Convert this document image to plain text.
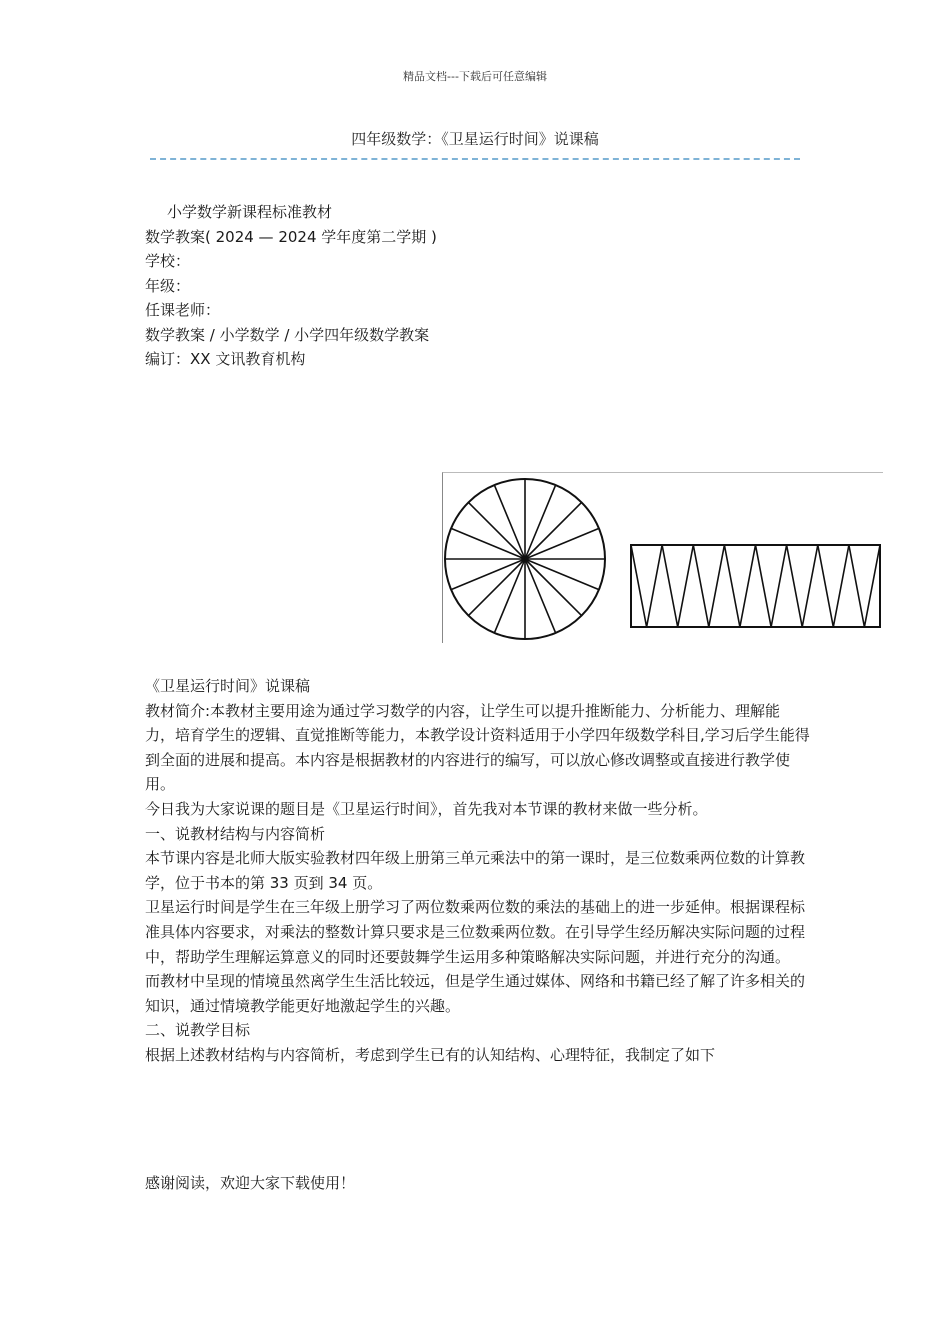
精品文档---下载后可任意编辑
四年级数学：《卫星运行时间》说课稿
小学数学新课程标准教材
数学教案( 2024 — 2024 学年度第二学期 )
学校：
年级：
任课老师：
数学教案 / 小学数学 / 小学四年级数学教案
编订：XX 文讯教育机构

《卫星运行时间》说课稿

教材简介:本教材主要用途为通过学习数学的内容，让学生可以提升推断能力、分析能力、理解能力，培育学生的逻辑、直觉推断等能力，本教学设计资料适用于小学四年级数学科目,学习后学生能得到全面的进展和提高。本内容是根据教材的内容进行的编写，可以放心修改调整或直接进行教学使用。

今日我为大家说课的题目是《卫星运行时间》，首先我对本节课的教材来做一些分析。

一、说教材结构与内容简析

本节课内容是北师大版实验教材四年级上册第三单元乘法中的第一课时，是三位数乘两位数的计算教学，位于书本的第 33 页到 34 页。

卫星运行时间是学生在三年级上册学习了两位数乘两位数的乘法的基础上的进一步延伸。根据课程标准具体内容要求，对乘法的整数计算只要求是三位数乘两位数。在引导学生经历解决实际问题的过程中，帮助学生理解运算意义的同时还要鼓舞学生运用多种策略解决实际问题，并进行充分的沟通。

而教材中呈现的情境虽然离学生生活比较远，但是学生通过媒体、网络和书籍已经了解了许多相关的知识，通过情境教学能更好地激起学生的兴趣。

二、说教学目标

根据上述教材结构与内容简析，考虑到学生已有的认知结构、心理特征，我制定了如下

感谢阅读，欢迎大家下载使用！
